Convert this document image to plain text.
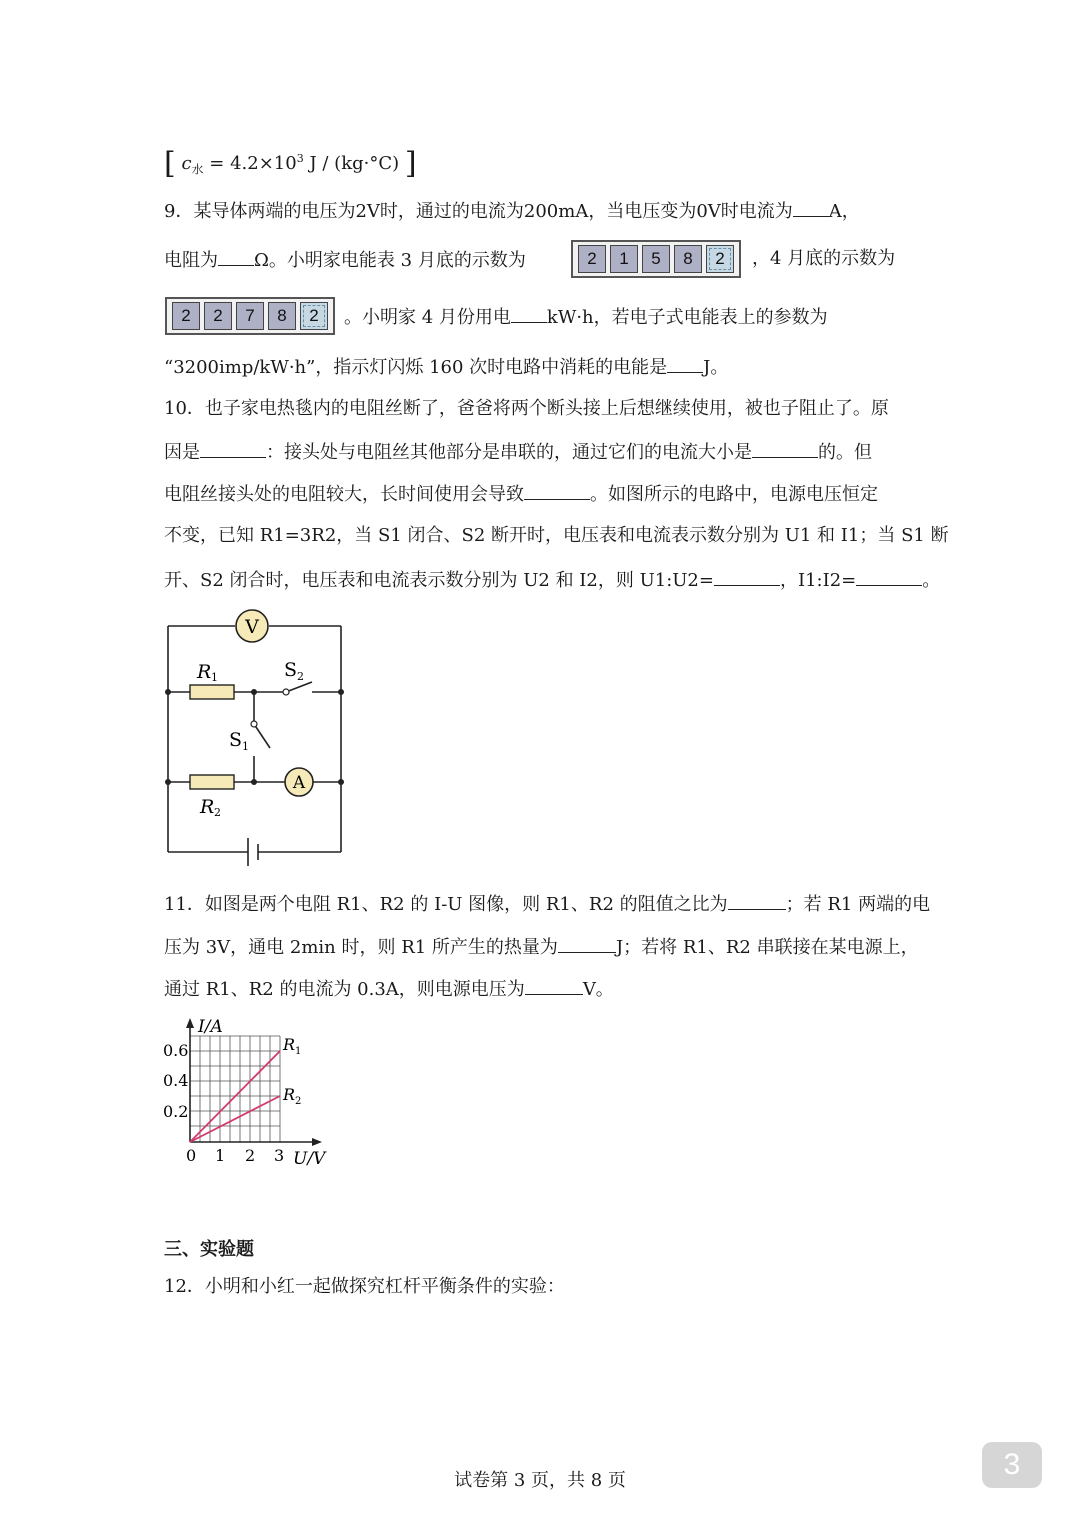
[ $c_水 = 4.2\times 10^3$ J / (kg·°C) ]
9．某导体两端的电压为2V时，通过的电流为200mA，当电压变为0V时电流为 A，
电阻为 Ω。小明家电能表 3 月底的示数为	2	1	5	8	2	，4 月底的示数为
2	2	7	8	2	。小明家 4 月份用电 kW·h，若电子式电能表上的参数为
“3200imp/kW·h”，指示灯闪烁 160 次时电路中消耗的电能是 J。
10．也子家电热毯内的电阻丝断了，爸爸将两个断头接上后想继续使用，被也子阻止了。原
因是	：接头处与电阻丝其他部分是串联的，通过它们的电流大小是	的。但
电阻丝接头处的电阻较大，长时间使用会导致	。如图所示的电路中，电源电压恒定
不变，已知 R1=3R2，当 S1 闭合、S2 断开时，电压表和电流表示数分别为 U1 和 I1；当 S1 断
开、S2 闭合时，电压表和电流表示数分别为 U2 和 I2，则 U1:U2=	，I1:I2=	。
V
A
R 1
R 2
S 2
S 1
11．如图是两个电阻 R1、R2 的 I-U 图像，则 R1、R2 的阻值之比为	；若 R1 两端的电
压为 3V，通电 2min 时，则 R1 所产生的热量为	J；若将 R1、R2 串联接在某电源上，
通过 R1、R2 的电流为 0.3A，则电源电压为	V。
I/A
U/V
0.6
0.4
0.2
0 1 2 3
R 1
R 2
三、实验题
12．小明和小红一起做探究杠杆平衡条件的实验：
试卷第 3 页，共 8 页	3
